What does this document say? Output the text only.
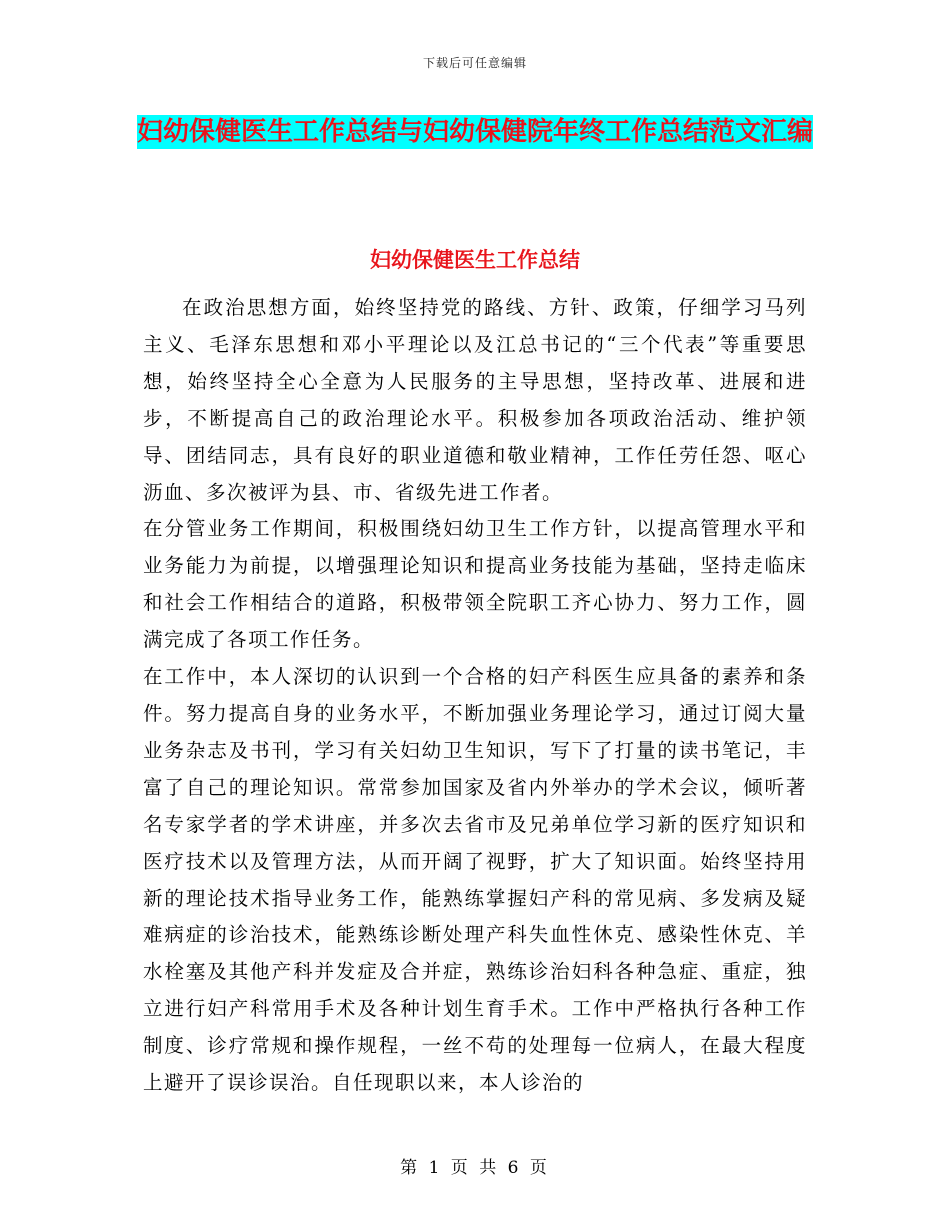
下载后可任意编辑
妇幼保健医生工作总结与妇幼保健院年终工作总结范文汇编
妇幼保健医生工作总结

在政治思想方面，始终坚持党的路线、方针、政策，仔细学习马列主义、毛泽东思想和邓小平理论以及江总书记的“三个代表”等重要思想，始终坚持全心全意为人民服务的主导思想，坚持改革、进展和进步，不断提高自己的政治理论水平。积极参加各项政治活动、维护领导、团结同志，具有良好的职业道德和敬业精神，工作任劳任怨、呕心沥血、多次被评为县、市、省级先进工作者。

在分管业务工作期间，积极围绕妇幼卫生工作方针，以提高管理水平和业务能力为前提，以增强理论知识和提高业务技能为基础，坚持走临床和社会工作相结合的道路，积极带领全院职工齐心协力、努力工作，圆满完成了各项工作任务。

在工作中，本人深切的认识到一个合格的妇产科医生应具备的素养和条件。努力提高自身的业务水平，不断加强业务理论学习，通过订阅大量业务杂志及书刊，学习有关妇幼卫生知识，写下了打量的读书笔记，丰富了自己的理论知识。常常参加国家及省内外举办的学术会议，倾听著名专家学者的学术讲座，并多次去省市及兄弟单位学习新的医疗知识和医疗技术以及管理方法，从而开阔了视野，扩大了知识面。始终坚持用新的理论技术指导业务工作，能熟练掌握妇产科的常见病、多发病及疑难病症的诊治技术，能熟练诊断处理产科失血性休克、感染性休克、羊水栓塞及其他产科并发症及合并症，熟练诊治妇科各种急症、重症，独立进行妇产科常用手术及各种计划生育手术。工作中严格执行各种工作制度、诊疗常规和操作规程，一丝不苟的处理每一位病人，在最大程度上避开了误诊误治。自任现职以来，本人诊治的

第 1 页 共 6 页
